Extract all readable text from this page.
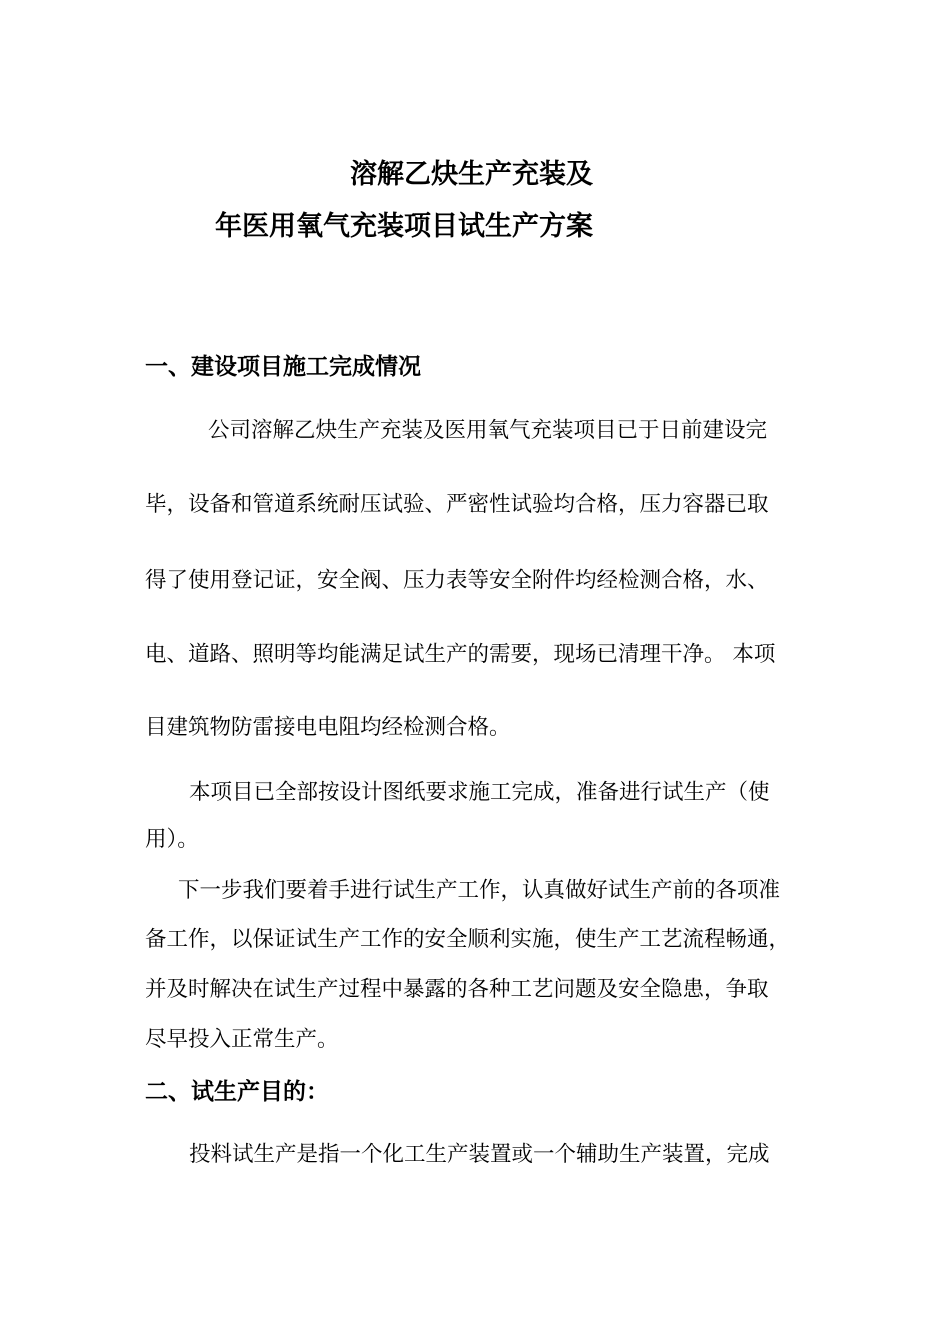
溶解乙炔生产充装及
年医用氧气充装项目试生产方案
一、建设项目施工完成情况

公司溶解乙炔生产充装及医用氧气充装项目已于日前建设完

毕，设备和管道系统耐压试验、严密性试验均合格，压力容器已取

得了使用登记证，安全阀、压力表等安全附件均经检测合格，水、

电、道路、照明等均能满足试生产的需要，现场已清理干净。 本项

目建筑物防雷接电电阻均经检测合格。

本项目已全部按设计图纸要求施工完成，准备进行试生产（使

用）。

下一步我们要着手进行试生产工作，认真做好试生产前的各项准

备工作，以保证试生产工作的安全顺利实施，使生产工艺流程畅通，

并及时解决在试生产过程中暴露的各种工艺问题及安全隐患，争取

尽早投入正常生产。

二、试生产目的：

投料试生产是指一个化工生产装置或一个辅助生产装置，完成
